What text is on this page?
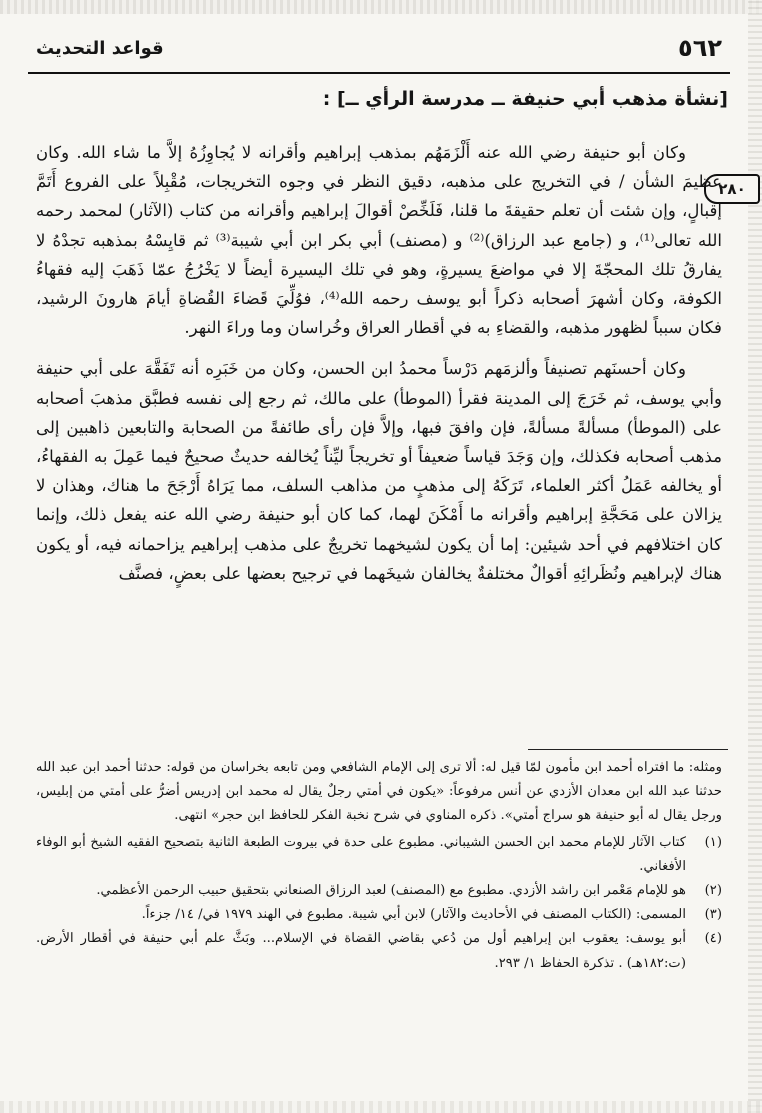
٥٦٢
قواعد التحديث
[نشأة مذهب أبي حنيفة ــ مدرسة الرأي ــ] :
٢٨٠

وكان أبو حنيفة رضي الله عنه أَلْزَمَهُم بمذهب إبراهيم وأقرانه لا يُجاوِزُهُ إلاَّ ما شاء الله. وكان عظيمَ الشأن / في التخريج على مذهبه، دقيق النظر في وجوه التخريجات، مُقْبِلاً على الفروع أَتَمَّ إقبالٍ، وإن شئت أن تعلم حقيقةَ ما قلنا، فَلَخِّصْ أقوالَ إبراهيم وأقرانه من كتاب (الآثار) لمحمد رحمه الله تعالى⁽¹⁾، و (جامع عبد الرزاق)⁽²⁾ و (مصنف) أبي بكر ابن أبي شيبة⁽³⁾ ثم قايِسْهُ بمذهبه تجدْهُ لا يفارقُ تلك المحجّةَ إلا في مواضعَ يسيرةٍ، وهو في تلك اليسيرة أيضاً لا يَخْرُجُ عمّا ذَهَبَ إليه فقهاءُ الكوفة، وكان أشهرَ أصحابه ذكراً أبو يوسف رحمه الله⁽⁴⁾، فوُلِّيَ قَضاءَ القُضاةِ أيامَ هارونَ الرشيد، فكان سبباً لظهور مذهبه، والقضاءِ به في أقطار العراق وخُراسان وما وراءَ النهر.

وكان أحسنَهم تصنيفاً وألزمَهم دَرْساً محمدُ ابن الحسن، وكان من خَبَرِه أنه تَفَقَّهَ على أبي حنيفة وأبي يوسف، ثم خَرَجَ إلى المدينة فقرأ (الموطأ) على مالك، ثم رجع إلى نفسه فطبَّق مذهبَ أصحابه على (الموطأ) مسألةً مسألةً، فإن وافقَ فبها، وإلاَّ فإن رأى طائفةً من الصحابة والتابعين ذاهبين إلى مذهب أصحابه فكذلك، وإن وَجَدَ قياساً ضعيفاً أو تخريجاً ليِّناً يُخالفه حديثٌ صحيحٌ فيما عَمِلَ به الفقهاءُ، أو يخالفه عَمَلُ أكثر العلماء، تَرَكَهُ إلى مذهبٍ من مذاهب السلف، مما يَرَاهُ أَرْجَحَ ما هناك، وهذان لا يزالان على مَحَجَّةِ إبراهيم وأقرانه ما أَمْكَنَ لهما، كما كان أبو حنيفة رضي الله عنه يفعل ذلك، وإنما كان اختلافهم في أحد شيئين: إما أن يكون لشيخهما تخريجٌ على مذهب إبراهيم يزاحمانه فيه، أو يكون هناك لإبراهيم ونُظَرائِهِ أقوالٌ مختلفةٌ يخالفان شيخَهما في ترجيح بعضها على بعضٍ، فصنَّف

ومثله: ما افتراه أحمد ابن مأمون لمّا قيل له: ألا ترى إلى الإمام الشافعي ومن تابعه بخراسان من قوله: حدثنا أحمد ابن عبد الله حدثنا عبد الله ابن معدان الأزدي عن أنس مرفوعاً: «يكون في أمتي رجلٌ يقال له محمد ابن إدريس أضرُّ على أمتي من إبليس، ورجل يقال له أبو حنيفة هو سراج أمتي». ذكره المناوي في شرح نخبة الفكر للحافظ ابن حجر» انتهى.

(١)
كتاب الآثار للإمام محمد ابن الحسن الشيباني. مطبوع على حدة في بيروت الطبعة الثانية بتصحيح الفقيه الشيخ أبو الوفاء الأفغاني.
(٢)
هو للإمام مَعْمر ابن راشد الأزدي. مطبوع مع (المصنف) لعبد الرزاق الصنعاني بتحقيق حبيب الرحمن الأعظمي.
(٣)
المسمى: (الكتاب المصنف في الأحاديث والآثار) لابن أبي شيبة. مطبوع في الهند ١٩٧٩ في/ ١٤/ جزءاً.
(٤)
أبو يوسف: يعقوب ابن إبراهيم أول من دُعي بقاضي القضاة في الإسلام... وبَثَّ علم أبي حنيفة في أقطار الأرض. (ت:١٨٢هـ) . تذكرة الحفاظ ١/ ٢٩٣.
